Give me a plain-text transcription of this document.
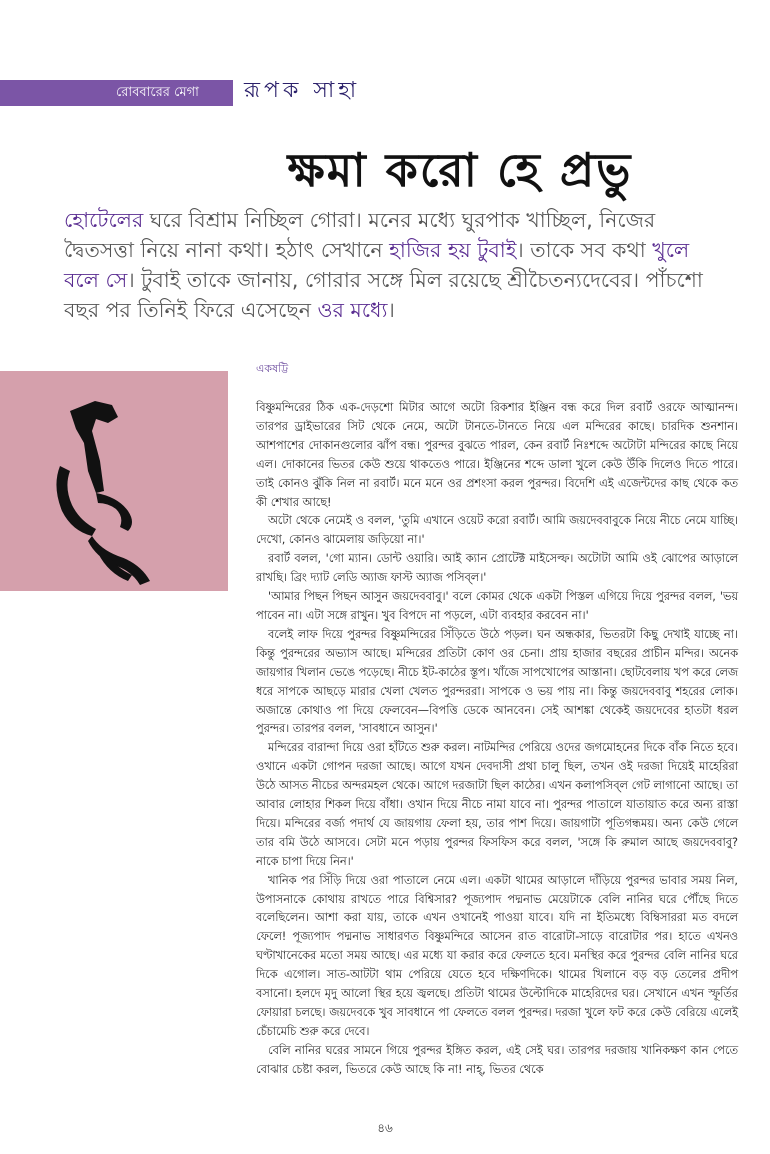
রোববারের মেগা রূপক সাহা
ক্ষমা করো হে প্রভু
হোটেলের ঘরে বিশ্রাম নিচ্ছিল গোরা। মনের মধ্যে ঘুরপাক খাচ্ছিল, নিজের দ্বৈতসত্তা নিয়ে নানা কথা। হঠাৎ সেখানে হাজির হয় টুবাই। তাকে সব কথা খুলে বলে সে। টুবাই তাকে জানায়, গোরার সঙ্গে মিল রয়েছে শ্রীচৈতন্যদেবের। পাঁচশো বছর পর তিনিই ফিরে এসেছেন ওর মধ্যে।
একষট্টি

বিষ্ণুমন্দিরের ঠিক এক-দেড়শো মিটার আগে অটো রিকশার ইঞ্জিন বন্ধ করে দিল রবার্ট ওরফে আত্মানন্দ। তারপর ড্রাইভারের সিট থেকে নেমে, অটো টানতে-টানতে নিয়ে এল মন্দিরের কাছে। চারদিক শুনশান। আশপাশের দোকানগুলোর ঝাঁপ বন্ধ। পুরন্দর বুঝতে পারল, কেন রবার্ট নিঃশব্দে অটোটা মন্দিরের কাছে নিয়ে এল। দোকানের ভিতর কেউ শুয়ে থাকতেও পারে। ইঞ্জিনের শব্দে ডালা খুলে কেউ উঁকি দিলেও দিতে পারে। তাই কোনও ঝুঁকি নিল না রবার্ট। মনে মনে ওর প্রশংসা করল পুরন্দর। বিদেশি এই এজেন্টদের কাছ থেকে কত কী শেখার আছে!

অটো থেকে নেমেই ও বলল, 'তুমি এখানে ওয়েট করো রবার্ট। আমি জয়দেববাবুকে নিয়ে নীচে নেমে যাচ্ছি। দেখো, কোনও ঝামেলায় জড়িয়ো না।'

রবার্ট বলল, 'গো ম্যান। ডোন্ট ওয়ারি। আই ক্যান প্রোটেক্ট মাইসেল্ফ। অটোটা আমি ওই ঝোপের আড়ালে রাখছি। ব্রিং দ্যাট লেডি অ্যাজ ফাস্ট অ্যাজ পসিব্‌ল।'

'আমার পিছন পিছন আসুন জয়দেববাবু।' বলে কোমর থেকে একটা পিস্তল এগিয়ে দিয়ে পুরন্দর বলল, 'ভয় পাবেন না। এটা সঙ্গে রাখুন। খুব বিপদে না পড়লে, এটা ব্যবহার করবেন না।'

বলেই লাফ দিয়ে পুরন্দর বিষ্ণুমন্দিরের সিঁড়িতে উঠে পড়ল। ঘন অন্ধকার, ভিতরটা কিছু দেখাই যাচ্ছে না। কিন্তু পুরন্দরের অভ্যাস আছে। মন্দিরের প্রতিটা কোণ ওর চেনা। প্রায় হাজার বছরের প্রাচীন মন্দির। অনেক জায়গার খিলান ভেঙে পড়েছে। নীচে ইট-কাঠের স্তূপ। খাঁজে সাপখোপের আস্তানা। ছোটবেলায় খপ করে লেজ ধরে সাপকে আছড়ে মারার খেলা খেলত পুরন্দররা। সাপকে ও ভয় পায় না। কিন্তু জয়দেববাবু শহরের লোক। অজান্তে কোথাও পা দিয়ে ফেলবেন—বিপত্তি ডেকে আনবেন। সেই আশঙ্কা থেকেই জয়দেবের হাতটা ধরল পুরন্দর। তারপর বলল, 'সাবধানে আসুন।'

মন্দিরের বারান্দা দিয়ে ওরা হাঁটতে শুরু করল। নাটমন্দির পেরিয়ে ওদের জগমোহনের দিকে বাঁক নিতে হবে। ওখানে একটা গোপন দরজা আছে। আগে যখন দেবদাসী প্রথা চালু ছিল, তখন ওই দরজা দিয়েই মাহেরিরা উঠে আসত নীচের অন্দরমহল থেকে। আগে দরজাটা ছিল কাঠের। এখন কলাপসিব্‌ল গেট লাগানো আছে। তা আবার লোহার শিকল দিয়ে বাঁধা। ওখান দিয়ে নীচে নামা যাবে না। পুরন্দর পাতালে যাতায়াত করে অন্য রাস্তা দিয়ে। মন্দিরের বর্জ্য পদার্থ যে জায়গায় ফেলা হয়, তার পাশ দিয়ে। জায়গাটা পূতিগন্ধময়। অন্য কেউ গেলে তার বমি উঠে আসবে। সেটা মনে পড়ায় পুরন্দর ফিসফিস করে বলল, 'সঙ্গে কি রুমাল আছে জয়দেববাবু? নাকে চাপা দিয়ে নিন।'

খানিক পর সিঁড়ি দিয়ে ওরা পাতালে নেমে এল। একটা থামের আড়ালে দাঁড়িয়ে পুরন্দর ভাবার সময় নিল, উপাসনাকে কোথায় রাখতে পারে বিশ্বিসার? পূজ্যপাদ পদ্মনাভ মেয়েটাকে বেলি নানির ঘরে পৌঁছে দিতে বলেছিলেন। আশা করা যায়, তাকে এখন ওখানেই পাওয়া যাবে। যদি না ইতিমধ্যে বিম্বিসাররা মত বদলে ফেলে! পূজ্যপাদ পদ্মনাভ সাধারণত বিষ্ণুমন্দিরে আসেন রাত বারোটা-সাড়ে বারোটার পর। হাতে এখনও ঘণ্টাখানেকের মতো সময় আছে। এর মধ্যে যা করার করে ফেলতে হবে। মনস্থির করে পুরন্দর বেলি নানির ঘরে দিকে এগোল। সাত-আটটা থাম পেরিয়ে যেতে হবে দক্ষিণদিকে। থামের খিলানে বড় বড় তেলের প্রদীপ বসানো। হলদে মৃদু আলো স্থির হয়ে জ্বলছে। প্রতিটা থামের উল্টোদিকে মাহেরিদের ঘর। সেখানে এখন স্ফূর্তির ফোয়ারা চলছে। জয়দেবকে খুব সাবধানে পা ফেলতে বলল পুরন্দর। দরজা খুলে ফট করে কেউ বেরিয়ে এলেই চেঁচামেচি শুরু করে দেবে।

বেলি নানির ঘরের সামনে গিয়ে পুরন্দর ইঙ্গিত করল, এই সেই ঘর। তারপর দরজায় খানিকক্ষণ কান পেতে বোঝার চেষ্টা করল, ভিতরে কেউ আছে কি না! নাহ্‌, ভিতর থেকে

৪৬
